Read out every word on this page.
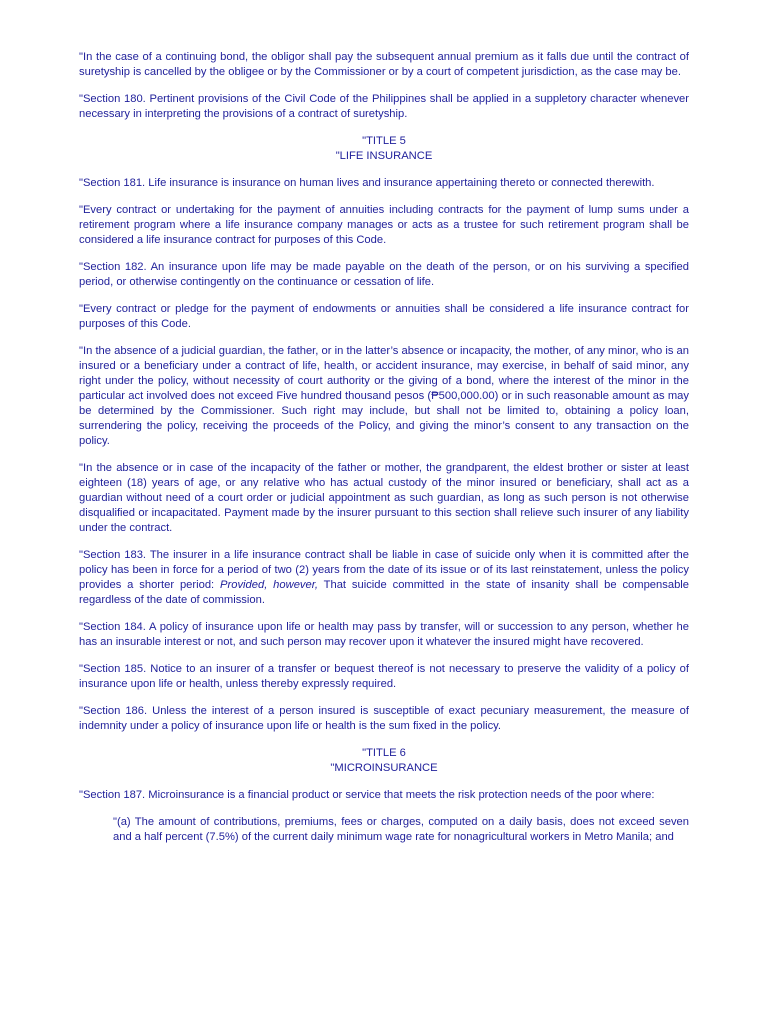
"In the case of a continuing bond, the obligor shall pay the subsequent annual premium as it falls due until the contract of suretyship is cancelled by the obligee or by the Commissioner or by a court of competent jurisdiction, as the case may be.

"Section 180. Pertinent provisions of the Civil Code of the Philippines shall be applied in a suppletory character whenever necessary in interpreting the provisions of a contract of suretyship.

"TITLE 5
"LIFE INSURANCE

"Section 181. Life insurance is insurance on human lives and insurance appertaining thereto or connected therewith.

"Every contract or undertaking for the payment of annuities including contracts for the payment of lump sums under a retirement program where a life insurance company manages or acts as a trustee for such retirement program shall be considered a life insurance contract for purposes of this Code.

"Section 182. An insurance upon life may be made payable on the death of the person, or on his surviving a specified period, or otherwise contingently on the continuance or cessation of life.

"Every contract or pledge for the payment of endowments or annuities shall be considered a life insurance contract for purposes of this Code.

"In the absence of a judicial guardian, the father, or in the latter’s absence or incapacity, the mother, of any minor, who is an insured or a beneficiary under a contract of life, health, or accident insurance, may exercise, in behalf of said minor, any right under the policy, without necessity of court authority or the giving of a bond, where the interest of the minor in the particular act involved does not exceed Five hundred thousand pesos (₱500,000.00) or in such reasonable amount as may be determined by the Commissioner. Such right may include, but shall not be limited to, obtaining a policy loan, surrendering the policy, receiving the proceeds of the Policy, and giving the minor’s consent to any transaction on the policy.

"In the absence or in case of the incapacity of the father or mother, the grandparent, the eldest brother or sister at least eighteen (18) years of age, or any relative who has actual custody of the minor insured or beneficiary, shall act as a guardian without need of a court order or judicial appointment as such guardian, as long as such person is not otherwise disqualified or incapacitated. Payment made by the insurer pursuant to this section shall relieve such insurer of any liability under the contract.

"Section 183. The insurer in a life insurance contract shall be liable in case of suicide only when it is committed after the policy has been in force for a period of two (2) years from the date of its issue or of its last reinstatement, unless the policy provides a shorter period: Provided, however, That suicide committed in the state of insanity shall be compensable regardless of the date of commission.

"Section 184. A policy of insurance upon life or health may pass by transfer, will or succession to any person, whether he has an insurable interest or not, and such person may recover upon it whatever the insured might have recovered.

"Section 185. Notice to an insurer of a transfer or bequest thereof is not necessary to preserve the validity of a policy of insurance upon life or health, unless thereby expressly required.

"Section 186. Unless the interest of a person insured is susceptible of exact pecuniary measurement, the measure of indemnity under a policy of insurance upon life or health is the sum fixed in the policy.

"TITLE 6
"MICROINSURANCE

"Section 187. Microinsurance is a financial product or service that meets the risk protection needs of the poor where:

"(a) The amount of contributions, premiums, fees or charges, computed on a daily basis, does not exceed seven and a half percent (7.5%) of the current daily minimum wage rate for nonagricultural workers in Metro Manila; and
